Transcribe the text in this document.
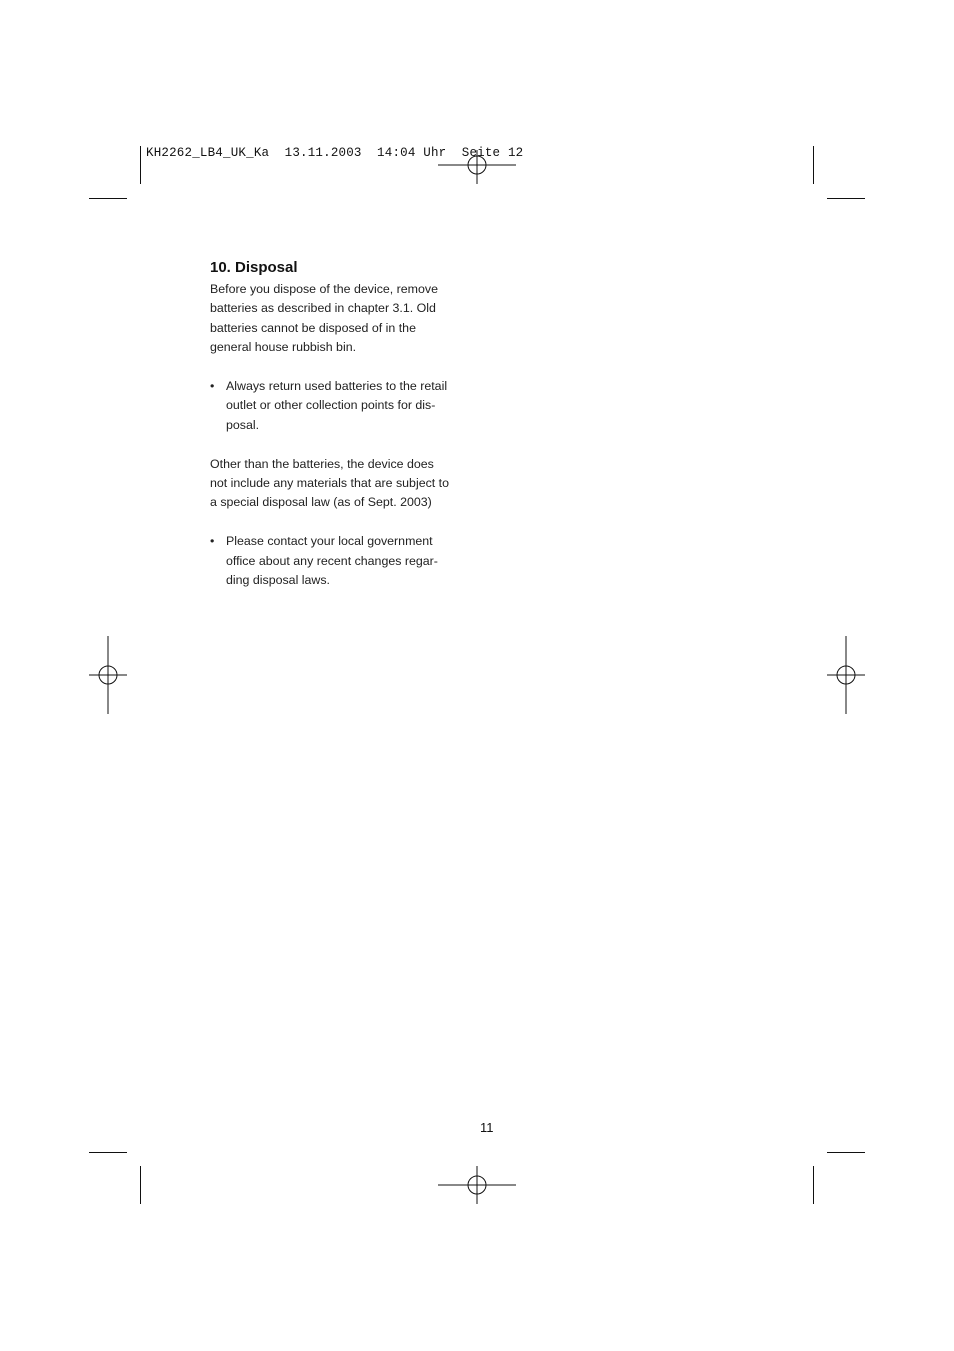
KH2262_LB4_UK_Ka  13.11.2003  14:04 Uhr  Seite 12
10. Disposal

Before you dispose of the device, remove
batteries as described in chapter 3.1. Old
batteries cannot be disposed of in the
general house rubbish bin.

• Always return used batteries to the retail
outlet or other collection points for dis-
posal.

Other than the batteries, the device does
not include any materials that are subject to
a special disposal law (as of Sept. 2003)

• Please contact your local government
office about any recent changes regar-
ding disposal laws.
11
